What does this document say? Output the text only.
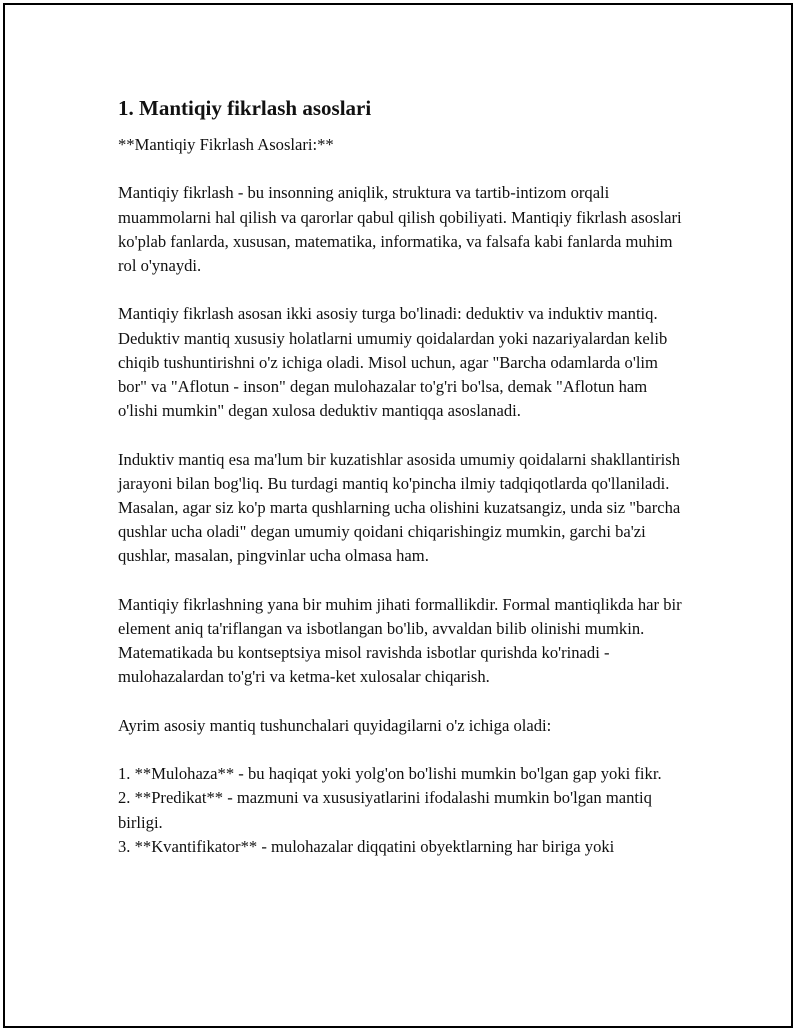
1. Mantiqiy fikrlash asoslari

**Mantiqiy Fikrlash Asoslari:**

Mantiqiy fikrlash - bu insonning aniqlik, struktura va tartib-intizom orqali muammolarni hal qilish va qarorlar qabul qilish qobiliyati. Mantiqiy fikrlash asoslari ko'plab fanlarda, xususan, matematika, informatika, va falsafa kabi fanlarda muhim rol o'ynaydi.

Mantiqiy fikrlash asosan ikki asosiy turga bo'linadi: deduktiv va induktiv mantiq. Deduktiv mantiq xususiy holatlarni umumiy qoidalardan yoki nazariyalardan kelib chiqib tushuntirishni o'z ichiga oladi. Misol uchun, agar "Barcha odamlarda o'lim bor" va "Aflotun - inson" degan mulohazalar to'g'ri bo'lsa, demak "Aflotun ham o'lishi mumkin" degan xulosa deduktiv mantiqqa asoslanadi.

Induktiv mantiq esa ma'lum bir kuzatishlar asosida umumiy qoidalarni shakllantirish jarayoni bilan bog'liq. Bu turdagi mantiq ko'pincha ilmiy tadqiqotlarda qo'llaniladi. Masalan, agar siz ko'p marta qushlarning ucha olishini kuzatsangiz, unda siz "barcha qushlar ucha oladi" degan umumiy qoidani chiqarishingiz mumkin, garchi ba'zi qushlar, masalan, pingvinlar ucha olmasa ham.

Mantiqiy fikrlashning yana bir muhim jihati formallikdir. Formal mantiqlikda har bir element aniq ta'riflangan va isbotlangan bo'lib, avvaldan bilib olinishi mumkin. Matematikada bu kontseptsiya misol ravishda isbotlar qurishda ko'rinadi - mulohazalardan to'g'ri va ketma-ket xulosalar chiqarish.

Ayrim asosiy mantiq tushunchalari quyidagilarni o'z ichiga oladi:

1. **Mulohaza** - bu haqiqat yoki yolg'on bo'lishi mumkin bo'lgan gap yoki fikr.

2. **Predikat** - mazmuni va xususiyatlarini ifodalashi mumkin bo'lgan mantiq birligi.

3. **Kvantifikator** - mulohazalar diqqatini obyektlarning har biriga yoki
